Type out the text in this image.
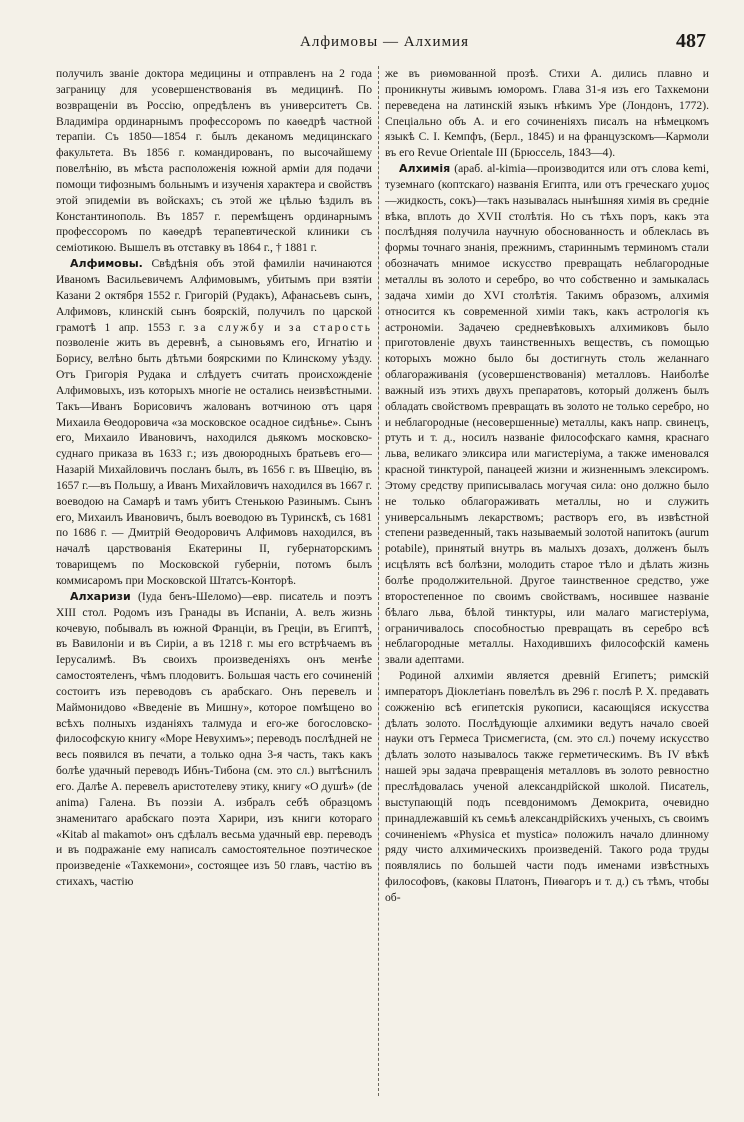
Алфимовы — Алхимия	487

получилъ званіе доктора медицины и отправленъ на 2 года заграницу для усовершенствованія въ медицинѣ. По возвращеніи въ Россію, опредѣленъ въ университетъ Св. Владиміра ординарнымъ профессоромъ по каѳедрѣ частной терапіи. Съ 1850—1854 г. былъ деканомъ медицинскаго факультета. Въ 1856 г. командированъ, по высочайшему повелѣнію, въ мѣста расположенія южной арміи для подачи помощи тифознымъ больнымъ и изученія характера и свойствъ этой эпидеміи въ войскахъ; съ этой же цѣлью ѣздилъ въ Константинополь. Въ 1857 г. перемѣщенъ ординарнымъ профессоромъ по каѳедрѣ терапевтической клиники съ семіотикою. Вышелъ въ отставку въ 1864 г., † 1881 г.

Алфимовы. Свѣдѣнія объ этой фамиліи начинаются Иваномъ Васильевичемъ Алфимовымъ, убитымъ при взятіи Казани 2 октября 1552 г. Григорій (Рудакъ), Афанасьевъ сынъ, Алфимовъ, клинскій сынъ боярскій, получилъ по царской грамотѣ 1 апр. 1553 г. за службу и за старость позволеніе жить въ деревнѣ, а сыновьямъ его, Игнатію и Борису, велѣно быть дѣтьми боярскими по Клинскому уѣзду. Отъ Григорія Рудака и слѣдуетъ считать происхожденіе Алфимовыхъ, изъ которыхъ многіе не остались неизвѣстными. Такъ—Иванъ Борисовичъ жалованъ вотчиною отъ царя Михаила Ѳеодоровича «за московское осадное сидѣнье». Сынъ его, Михаило Ивановичъ, находился дьякомъ московско-суднаго приказа въ 1633 г.; изъ двоюродныхъ братьевъ его—Назарій Михайловичъ посланъ былъ, въ 1656 г. въ Швецію, въ 1657 г.—въ Польшу, а Иванъ Михайловичъ находился въ 1667 г. воеводою на Самарѣ и тамъ убитъ Стенькою Разинымъ. Сынъ его, Михаилъ Ивановичъ, былъ воеводою въ Туринскѣ, съ 1681 по 1686 г. — Дмитрій Ѳеодоровичъ Алфимовъ находился, въ началѣ царствованія Екатерины II, губернаторскимъ товарищемъ по Московской губерніи, потомъ былъ коммисаромъ при Московской Штатсъ-Конторѣ.

Алхаризи (Іуда бенъ-Шеломо)—евр. писатель и поэтъ XIII стол. Родомъ изъ Гранады въ Испаніи, А. велъ жизнь кочевую, побывалъ въ южной Франціи, въ Греціи, въ Египтѣ, въ Вавилоніи и въ Сиріи, а въ 1218 г. мы его встрѣчаемъ въ Іерусалимѣ. Въ своихъ произведеніяхъ онъ менѣе самостоятеленъ, чѣмъ плодовитъ. Большая часть его сочиненій состоитъ изъ переводовъ съ арабскаго. Онъ перевелъ и Маймонидово «Введеніе въ Мишну», которое помѣщено во всѣхъ полныхъ изданіяхъ талмуда и его-же богословско-философскую книгу «Море Невухимъ»; переводъ послѣдней не весь появился въ печати, а только одна 3-я часть, такъ какъ болѣе удачный переводъ Ибнъ-Тибона (см. это сл.) вытѣснилъ его. Далѣе А. перевелъ аристотелеву этику, книгу «О душѣ» (de anima) Галена. Въ поэзіи А. избралъ себѣ образцомъ знаменитаго арабскаго поэта Харири, изъ книги котораго «Kitab al makamot» онъ сдѣлалъ весьма удачный евр. переводъ и въ подражаніе ему написалъ самостоятельное поэтическое произведеніе «Тахкемони», состоящее изъ 50 главъ, частію въ стихахъ, частію

же въ риѳмованной прозѣ. Стихи А. дились плавно и проникнуты живымъ юморомъ. Глава 31-я изъ его Тахкемони переведена на латинскій языкъ нѣкимъ Уре (Лондонъ, 1772). Спеціально объ А. и его сочиненіяхъ писалъ на нѣмецкомъ языкѣ С. I. Кемпфъ, (Берл., 1845) и на французскомъ—Кармоли въ его Revue Orientale III (Брюссель, 1843—4).

Алхимія (араб. al-kimia—производится или отъ слова kemi, туземнаго (коптскаго) названія Египта, или отъ греческаго χυμος—жидкость, сокъ)—такъ называлась нынѣшняя химія въ средніе вѣка, вплоть до XVII столѣтія. Но съ тѣхъ поръ, какъ эта послѣдняя получила научную обоснованность и облеклась въ формы точнаго знанія, прежнимъ, стариннымъ терминомъ стали обозначать мнимое искусство превращать неблагородные металлы въ золото и серебро, во что собственно и замыкалась задача химіи до XVI столѣтія. Такимъ образомъ, алхимія относится къ современной химіи такъ, какъ астрологія къ астрономіи. Задачею средневѣковыхъ алхимиковъ было приготовленіе двухъ таинственныхъ веществъ, съ помощью которыхъ можно было бы достигнуть столь желаннаго облагораживанія (усовершенствованія) металловъ. Наиболѣе важный изъ этихъ двухъ препаратовъ, который долженъ былъ обладать свойствомъ превращать въ золото не только серебро, но и неблагородные (несовершенные) металлы, какъ напр. свинецъ, ртуть и т. д., носилъ названіе философскаго камня, краснаго льва, великаго эликсира или магистеріума, а также именовался красной тинктурой, панацеей жизни и жизненнымъ элексиромъ. Этому средству приписывалась могучая сила: оно должно было не только облагораживать металлы, но и служить универсальнымъ лекарствомъ; растворъ его, въ извѣстной степени разведенный, такъ называемый золотой напитокъ (aurum potabile), принятый внутрь въ малыхъ дозахъ, долженъ былъ исцѣлять всѣ болѣзни, молодить старое тѣло и дѣлать жизнь болѣе продолжительной. Другое таинственное средство, уже второстепенное по своимъ свойствамъ, носившее названіе бѣлаго льва, бѣлой тинктуры, или малаго магистеріума, ограничивалось способностью превращать въ серебро всѣ неблагородные металлы. Находившихъ философскій камень звали адептами.

Родиной алхиміи является древній Египетъ; римскій императоръ Діоклетіанъ повелѣлъ въ 296 г. послѣ Р. Х. предавать сожженію всѣ египетскія рукописи, касающіяся искусства дѣлать золото. Послѣдующіе алхимики ведутъ начало своей науки отъ Гермеса Трисмегиста, (см. это сл.) почему искусство дѣлать золото называлось также герметическимъ. Въ IV вѣкѣ нашей эры задача превращенія металловъ въ золото ревностно преслѣдовалась ученой александрійской школой. Писатель, выступающій подъ псевдонимомъ Демокрита, очевидно принадлежавшій къ семьѣ александрійскихъ ученыхъ, съ своимъ сочиненіемъ «Physica et mystica» положилъ начало длинному ряду чисто алхимическихъ произведеній. Такого рода труды появлялись по большей части подъ именами извѣстныхъ философовъ, (каковы Платонъ, Пиѳагоръ и т. д.) съ тѣмъ, чтобы об-
